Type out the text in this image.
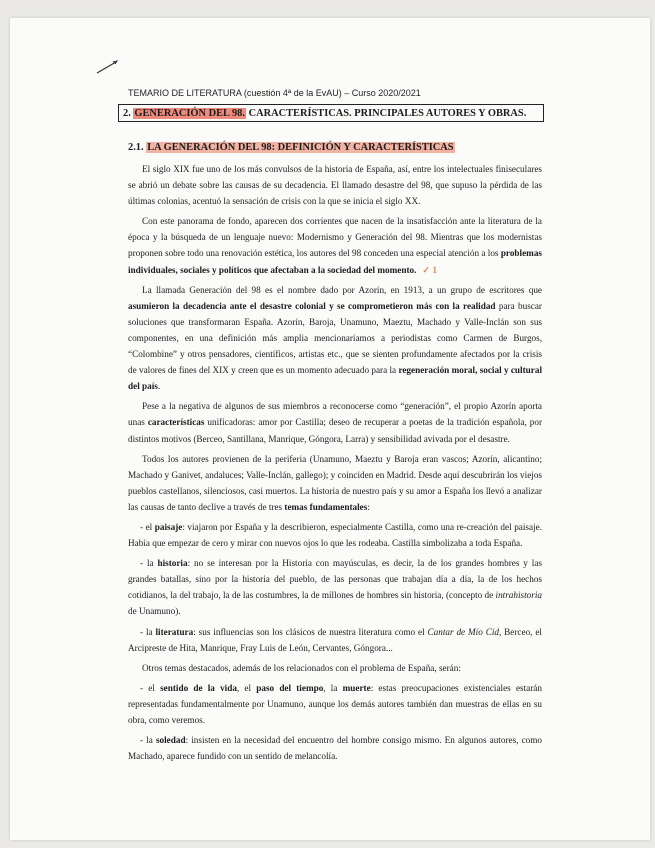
TEMARIO DE LITERATURA (cuestión 4ª de la EvAU) – Curso 2020/2021
2. GENERACIÓN DEL 98. CARACTERÍSTICAS. PRINCIPALES AUTORES Y OBRAS.
2.1. LA GENERACIÓN DEL 98: DEFINICIÓN Y CARACTERÍSTICAS

El siglo XIX fue uno de los más convulsos de la historia de España, así, entre los intelectuales finiseculares se abrió un debate sobre las causas de su decadencia. El llamado desastre del 98, que supuso la pérdida de las últimas colonias, acentuó la sensación de crisis con la que se inicia el siglo XX.

Con este panorama de fondo, aparecen dos corrientes que nacen de la insatisfacción ante la literatura de la época y la búsqueda de un lenguaje nuevo: Modernismo y Generación del 98. Mientras que los modernistas proponen sobre todo una renovación estética, los autores del 98 conceden una especial atención a los problemas individuales, sociales y políticos que afectaban a la sociedad del momento. ✓ 1

La llamada Generación del 98 es el nombre dado por Azorín, en 1913, a un grupo de escritores que asumieron la decadencia ante el desastre colonial y se comprometieron más con la realidad para buscar soluciones que transformaran España. Azorín, Baroja, Unamuno, Maeztu, Machado y Valle-Inclán son sus componentes, en una definición más amplia mencionaríamos a periodistas como Carmen de Burgos, “Colombine” y otros pensadores, científicos, artistas etc., que se sienten profundamente afectados por la crisis de valores de fines del XIX y creen que es un momento adecuado para la regeneración moral, social y cultural del país.

Pese a la negativa de algunos de sus miembros a reconocerse como “generación”, el propio Azorín aporta unas características unificadoras: amor por Castilla; deseo de recuperar a poetas de la tradición española, por distintos motivos (Berceo, Santillana, Manrique, Góngora, Larra) y sensibilidad avivada por el desastre.

Todos los autores provienen de la periferia (Unamuno, Maeztu y Baroja eran vascos; Azorín, alicantino; Machado y Ganivet, andaluces; Valle-Inclán, gallego); y coinciden en Madrid. Desde aquí descubrirán los viejos pueblos castellanos, silenciosos, casi muertos. La historia de nuestro país y su amor a España los llevó a analizar las causas de tanto declive a través de tres temas fundamentales:

- el paisaje: viajaron por España y la describieron, especialmente Castilla, como una re-creación del paisaje. Había que empezar de cero y mirar con nuevos ojos lo que les rodeaba. Castilla simbolizaba a toda España.

- la historia: no se interesan por la Historia con mayúsculas, es decir, la de los grandes hombres y las grandes batallas, sino por la historia del pueblo, de las personas que trabajan día a día, la de los hechos cotidianos, la del trabajo, la de las costumbres, la de millones de hombres sin historia, (concepto de intrahistoria de Unamuno).

- la literatura: sus influencias son los clásicos de nuestra literatura como el Cantar de Mío Cid, Berceo, el Arcipreste de Hita, Manrique, Fray Luis de León, Cervantes, Góngora...

Otros temas destacados, además de los relacionados con el problema de España, serán:

- el sentido de la vida, el paso del tiempo, la muerte: estas preocupaciones existenciales estarán representadas fundamentalmente por Unamuno, aunque los demás autores también dan muestras de ellas en su obra, como veremos.

- la soledad: insisten en la necesidad del encuentro del hombre consigo mismo. En algunos autores, como Machado, aparece fundido con un sentido de melancolía.
